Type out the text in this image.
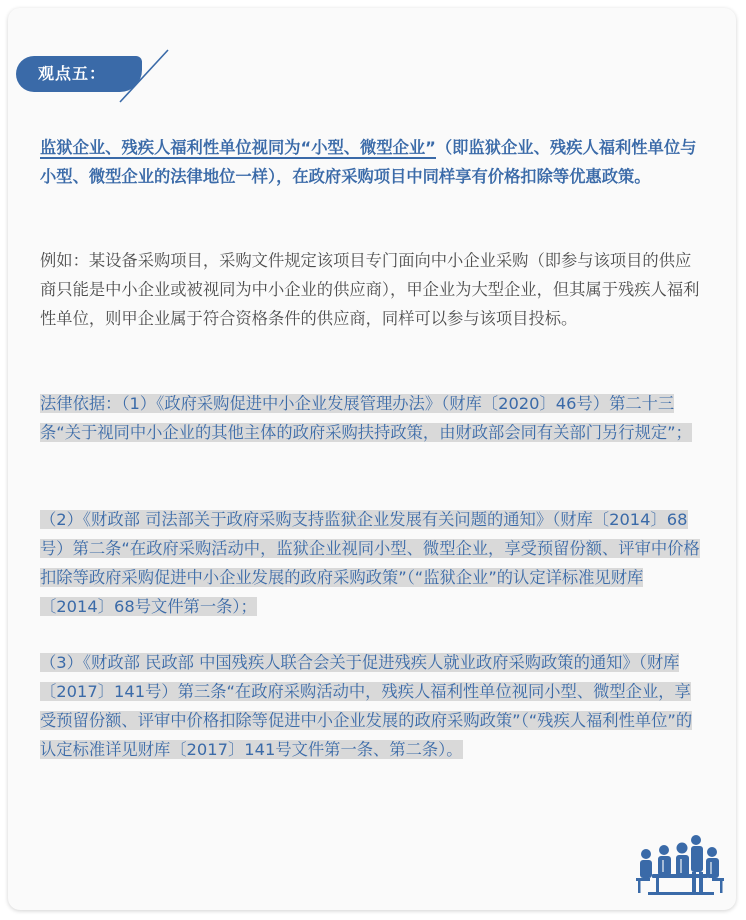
观点五：
监狱企业、残疾人福利性单位视同为“小型、微型企业”（即监狱企业、残疾人福利性单位与小型、微型企业的法律地位一样），在政府采购项目中同样享有价格扣除等优惠政策。
例如：某设备采购项目，采购文件规定该项目专门面向中小企业采购（即参与该项目的供应商只能是中小企业或被视同为中小企业的供应商），甲企业为大型企业，但其属于残疾人福利性单位，则甲企业属于符合资格条件的供应商，同样可以参与该项目投标。
法律依据：（1）《政府采购促进中小企业发展管理办法》（财库〔2020〕46号）第二十三条“关于视同中小企业的其他主体的政府采购扶持政策，由财政部会同有关部门另行规定”；
（2）《财政部 司法部关于政府采购支持监狱企业发展有关问题的通知》（财库〔2014〕68号）第二条“在政府采购活动中，监狱企业视同小型、微型企业，享受预留份额、评审中价格扣除等政府采购促进中小企业发展的政府采购政策”（“监狱企业”的认定详标准见财库〔2014〕68号文件第一条）；
（3）《财政部 民政部 中国残疾人联合会关于促进残疾人就业政府采购政策的通知》（财库〔2017〕141号）第三条“在政府采购活动中，残疾人福利性单位视同小型、微型企业，享受预留份额、评审中价格扣除等促进中小企业发展的政府采购政策”（“残疾人福利性单位”的认定标准详见财库〔2017〕141号文件第一条、第二条）。
